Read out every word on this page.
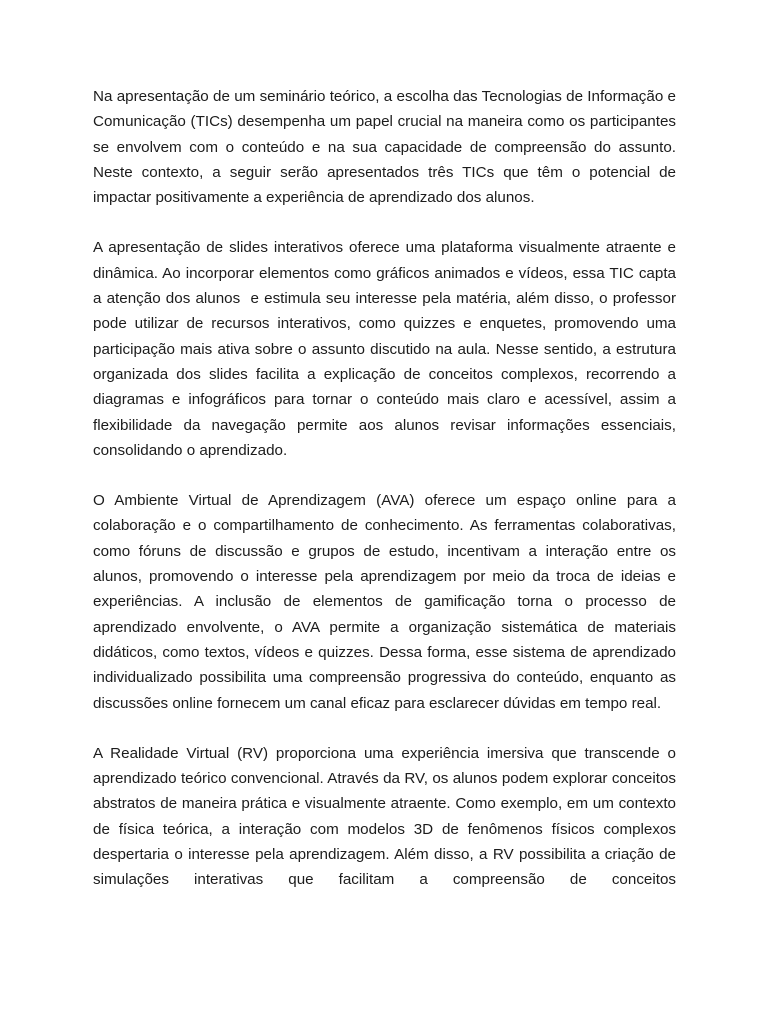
Na apresentação de um seminário teórico, a escolha das Tecnologias de Informação e Comunicação (TICs) desempenha um papel crucial na maneira como os participantes se envolvem com o conteúdo e na sua capacidade de compreensão do assunto. Neste contexto, a seguir serão apresentados três TICs que têm o potencial de impactar positivamente a experiência de aprendizado dos alunos.

A apresentação de slides interativos oferece uma plataforma visualmente atraente e dinâmica. Ao incorporar elementos como gráficos animados e vídeos, essa TIC capta a atenção dos alunos  e estimula seu interesse pela matéria, além disso, o professor pode utilizar de recursos interativos, como quizzes e enquetes, promovendo uma participação mais ativa sobre o assunto discutido na aula. Nesse sentido, a estrutura organizada dos slides facilita a explicação de conceitos complexos, recorrendo a diagramas e infográficos para tornar o conteúdo mais claro e acessível, assim a flexibilidade da navegação permite aos alunos revisar informações essenciais, consolidando o aprendizado.

O Ambiente Virtual de Aprendizagem (AVA) oferece um espaço online para a colaboração e o compartilhamento de conhecimento. As ferramentas colaborativas, como fóruns de discussão e grupos de estudo, incentivam a interação entre os alunos, promovendo o interesse pela aprendizagem por meio da troca de ideias e experiências. A inclusão de elementos de gamificação torna o processo de aprendizado envolvente, o AVA permite a organização sistemática de materiais didáticos, como textos, vídeos e quizzes. Dessa forma, esse sistema de aprendizado individualizado possibilita uma compreensão progressiva do conteúdo, enquanto as discussões online fornecem um canal eficaz para esclarecer dúvidas em tempo real.

A Realidade Virtual (RV) proporciona uma experiência imersiva que transcende o aprendizado teórico convencional. Através da RV, os alunos podem explorar conceitos abstratos de maneira prática e visualmente atraente. Como exemplo, em um contexto de física teórica, a interação com modelos 3D de fenômenos físicos complexos despertaria o interesse pela aprendizagem. Além disso, a RV possibilita a criação de simulações interativas que facilitam a compreensão de conceitos
